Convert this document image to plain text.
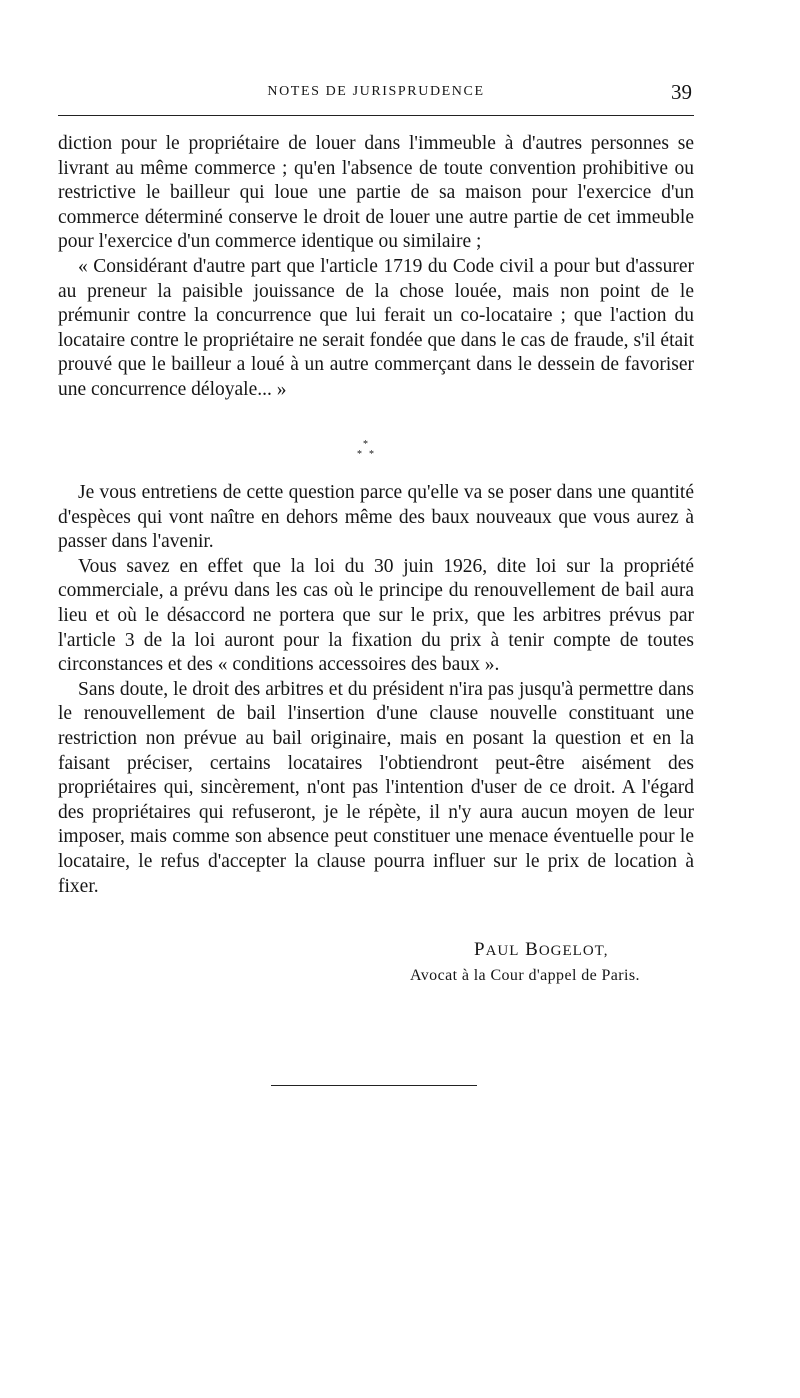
NOTES DE JURISPRUDENCE	39

diction pour le propriétaire de louer dans l'immeuble à d'autres personnes se livrant au même commerce ; qu'en l'absence de toute convention prohibitive ou restrictive le bailleur qui loue une partie de sa maison pour l'exercice d'un commerce déterminé conserve le droit de louer une autre partie de cet immeuble pour l'exercice d'un commerce identique ou similaire ;

« Considérant d'autre part que l'article 1719 du Code civil a pour but d'assurer au preneur la paisible jouissance de la chose louée, mais non point de le prémunir contre la concurrence que lui ferait un co-locataire ; que l'action du locataire contre le propriétaire ne serait fondée que dans le cas de fraude, s'il était prouvé que le bailleur a loué à un autre commerçant dans le dessein de favoriser une concurrence déloyale... »

*
* *

Je vous entretiens de cette question parce qu'elle va se poser dans une quantité d'espèces qui vont naître en dehors même des baux nouveaux que vous aurez à passer dans l'avenir.

Vous savez en effet que la loi du 30 juin 1926, dite loi sur la propriété commerciale, a prévu dans les cas où le principe du renouvellement de bail aura lieu et où le désaccord ne portera que sur le prix, que les arbitres prévus par l'article 3 de la loi auront pour la fixation du prix à tenir compte de toutes circonstances et des « conditions accessoires des baux ».

Sans doute, le droit des arbitres et du président n'ira pas jusqu'à permettre dans le renouvellement de bail l'insertion d'une clause nouvelle constituant une restriction non prévue au bail originaire, mais en posant la question et en la faisant préciser, certains locataires l'obtiendront peut-être aisément des propriétaires qui, sincèrement, n'ont pas l'intention d'user de ce droit. A l'égard des propriétaires qui refuseront, je le répète, il n'y aura aucun moyen de leur imposer, mais comme son absence peut constituer une menace éventuelle pour le locataire, le refus d'accepter la clause pourra influer sur le prix de location à fixer.

PAUL BOGELOT,
Avocat à la Cour d'appel de Paris.
